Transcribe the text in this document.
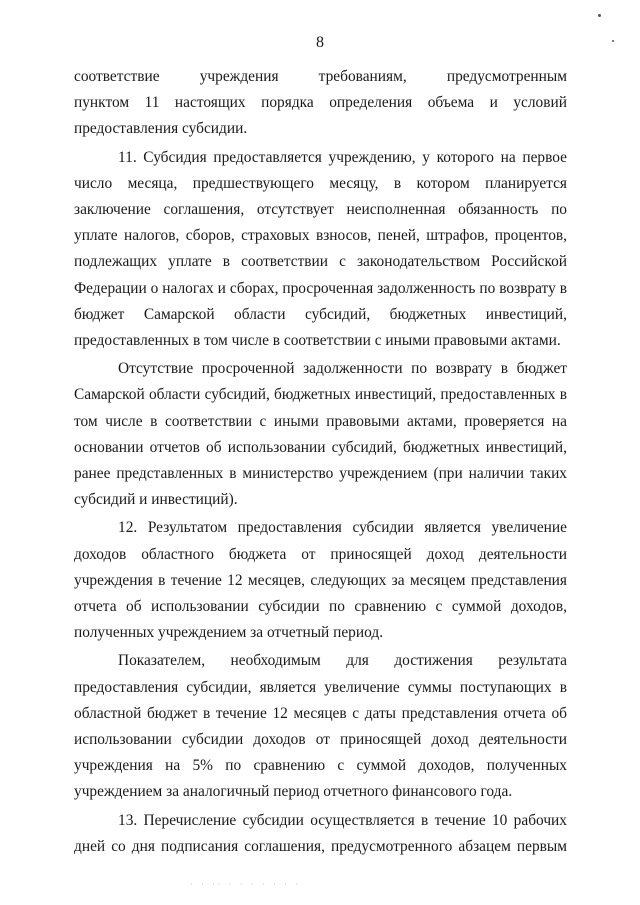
8

соответствие учреждения требованиям, предусмотренным
пунктом 11 настоящих порядка определения объема и условий
предоставления субсидии.

11. Субсидия предоставляется учреждению, у которого на первое
число месяца, предшествующего месяцу, в котором планируется
заключение соглашения, отсутствует неисполненная обязанность по
уплате налогов, сборов, страховых взносов, пеней, штрафов, процентов,
подлежащих уплате в соответствии с законодательством Российской
Федерации о налогах и сборах, просроченная задолженность по возврату в
бюджет Самарской области субсидий, бюджетных инвестиций,
предоставленных в том числе в соответствии с иными правовыми актами.

Отсутствие просроченной задолженности по возврату в бюджет
Самарской области субсидий, бюджетных инвестиций, предоставленных в
том числе в соответствии с иными правовыми актами, проверяется на
основании отчетов об использовании субсидий, бюджетных инвестиций,
ранее представленных в министерство учреждением (при наличии таких
субсидий и инвестиций).

12. Результатом предоставления субсидии является увеличение
доходов областного бюджета от приносящей доход деятельности
учреждения в течение 12 месяцев, следующих за месяцем представления
отчета об использовании субсидии по сравнению с суммой доходов,
полученных учреждением за отчетный период.

Показателем, необходимым для достижения результата
предоставления субсидии, является увеличение суммы поступающих в
областной бюджет в течение 12 месяцев с даты представления отчета об
использовании субсидии доходов от приносящей доход деятельности
учреждения на 5% по сравнению с суммой доходов, полученных
учреждением за аналогичный период отчетного финансового года.

13. Перечисление субсидии осуществляется в течение 10 рабочих
дней со дня подписания соглашения, предусмотренного абзацем первым

· · ·· · · · · · · ·
